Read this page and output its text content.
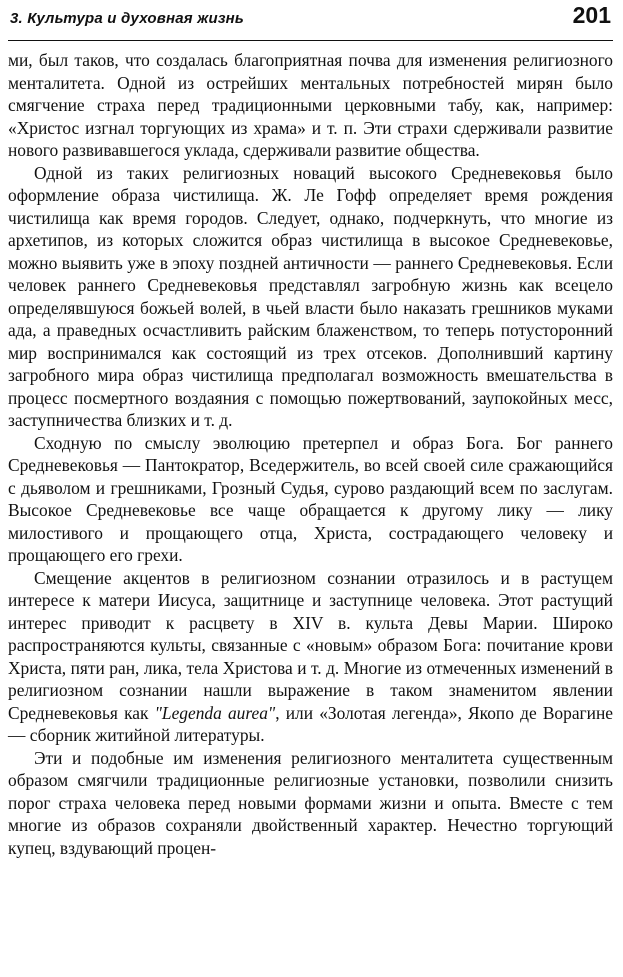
3. Культура и духовная жизнь	201

ми, был таков, что создалась благоприятная почва для изменения религиозного менталитета. Одной из острейших ментальных потребностей мирян было смягчение страха перед традиционными церковными табу, как, например: «Христос изгнал торгующих из храма» и т. п. Эти страхи сдерживали развитие нового развивавшегося уклада, сдерживали развитие общества.

Одной из таких религиозных новаций высокого Средневековья было оформление образа чистилища. Ж. Ле Гофф определяет время рождения чистилища как время городов. Следует, однако, подчеркнуть, что многие из архетипов, из которых сложится образ чистилища в высокое Средневековье, можно выявить уже в эпоху поздней античности — раннего Средневековья. Если человек раннего Средневековья представлял загробную жизнь как всецело определявшуюся божьей волей, в чьей власти было наказать грешников муками ада, а праведных осчастливить райским блаженством, то теперь потусторонний мир воспринимался как состоящий из трех отсеков. Дополнивший картину загробного мира образ чистилища предполагал возможность вмешательства в процесс посмертного воздаяния с помощью пожертвований, заупокойных месс, заступничества близких и т. д.

Сходную по смыслу эволюцию претерпел и образ Бога. Бог раннего Средневековья — Пантократор, Вседержитель, во всей своей силе сражающийся с дьяволом и грешниками, Грозный Судья, сурово раздающий всем по заслугам. Высокое Средневековье все чаще обращается к другому лику — лику милостивого и прощающего отца, Христа, сострадающего человеку и прощающего его грехи.

Смещение акцентов в религиозном сознании отразилось и в растущем интересе к матери Иисуса, защитнице и заступнице человека. Этот растущий интерес приводит к расцвету в XIV в. культа Девы Марии. Широко распространяются культы, связанные с «новым» образом Бога: почитание крови Христа, пяти ран, лика, тела Христова и т. д. Многие из отмеченных изменений в религиозном сознании нашли выражение в таком знаменитом явлении Средневековья как "Legenda aurea", или «Золотая легенда», Якопо де Ворагине — сборник житийной литературы.

Эти и подобные им изменения религиозного менталитета существенным образом смягчили традиционные религиозные установки, позволили снизить порог страха человека перед новыми формами жизни и опыта. Вместе с тем многие из образов сохраняли двойственный характер. Нечестно торгующий купец, вздувающий процен-
